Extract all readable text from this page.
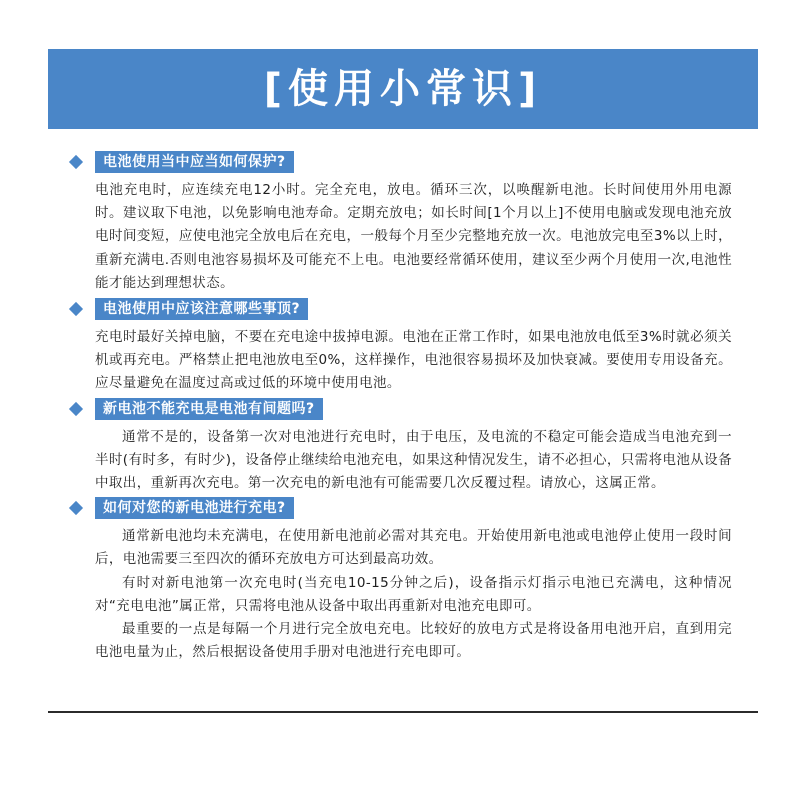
[使用小常识]
电池使用当中应当如何保护?

电池充电时，应连续充电12小时。完全充电，放电。循环三次，以唤醒新电池。长时间使用外用电源时。建议取下电池，以免影响电池寿命。定期充放电；如长时间[1个月以上]不使用电脑或发现电池充放电时间变短，应使电池完全放电后在充电，一般每个月至少完整地充放一次。电池放完电至3%以上时，重新充满电.否则电池容易损坏及可能充不上电。电池要经常循环使用，建议至少两个月使用一次,电池性能才能达到理想状态。

电池使用中应该注意哪些事顶?

充电时最好关掉电脑，不要在充电途中拔掉电源。电池在正常工作时，如果电池放电低至3%时就必须关机或再充电。严格禁止把电池放电至0%，这样操作，电池很容易损坏及加快衰减。要使用专用设备充。应尽量避免在温度过高或过低的环境中使用电池。

新电池不能充电是电池有间题吗?

通常不是的，设备第一次对电池进行充电时，由于电压，及电流的不稳定可能会造成当电池充到一半时(有时多，有时少)，设备停止继续给电池充电，如果这种情况发生，请不必担心，只需将电池从设备中取出，重新再次充电。第一次充电的新电池有可能需要几次反覆过程。请放心，这属正常。

如何对您的新电池进行充电?

通常新电池均未充满电，在使用新电池前必需对其充电。开始使用新电池或电池停止使用一段时间后，电池需要三至四次的循环充放电方可达到最高功效。

有时对新电池第一次充电时(当充电10-15分钟之后)，设备指示灯指示电池已充满电，这种情况对“充电电池”属正常，只需将电池从设备中取出再重新对电池充电即可。

最重要的一点是每隔一个月进行完全放电充电。比较好的放电方式是将设备用电池开启，直到用完电池电量为止，然后根据设备使用手册对电池进行充电即可。
